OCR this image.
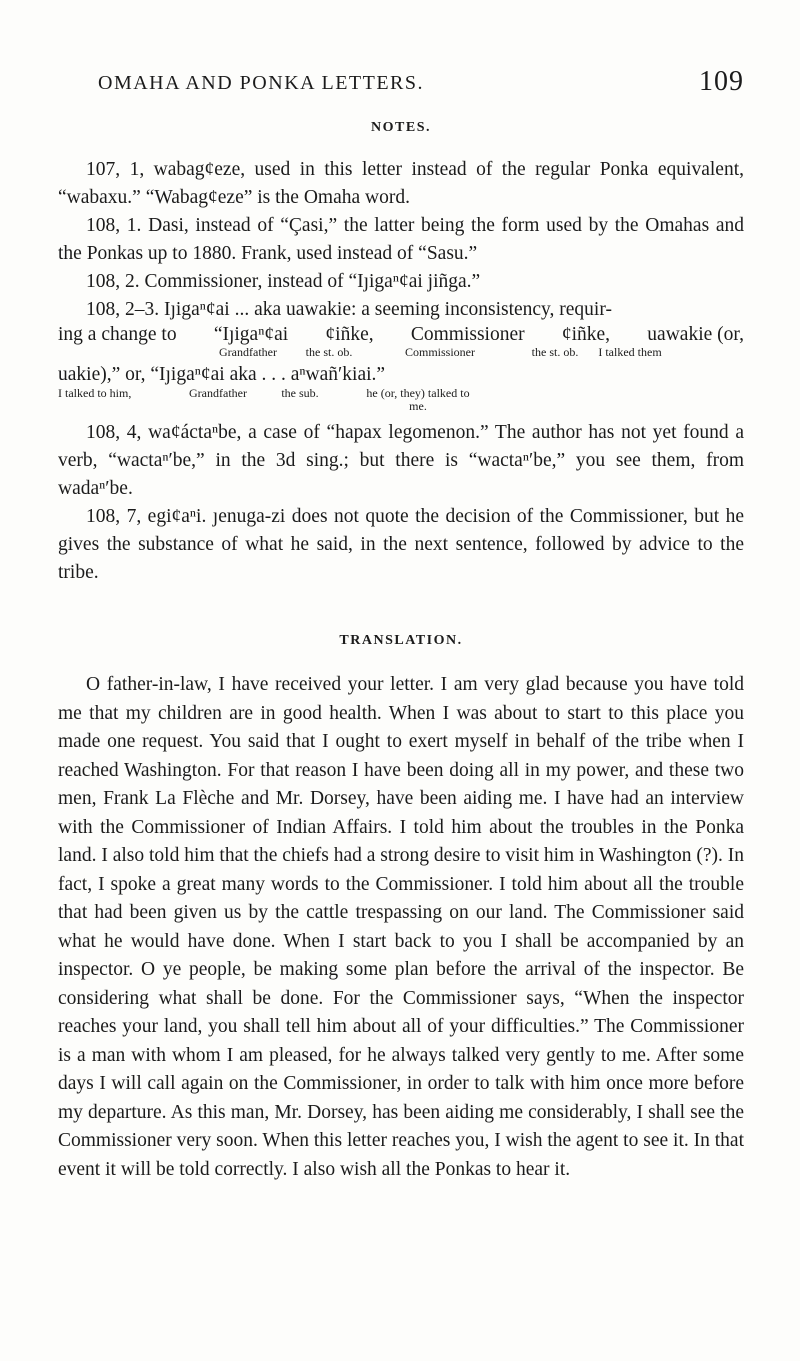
OMAHA AND PONKA LETTERS.	109
NOTES.

107, 1, wabag¢eze, used in this letter instead of the regular Ponka equivalent, “wabaxu.” “Wabag¢eze” is the Omaha word.

108, 1. Dasi, instead of “Çasi,” the latter being the form used by the Omahas and the Ponkas up to 1880. Frank, used instead of “Sasu.”

108, 2. Commissioner, instead of “Iȷigaⁿ¢ai jiñga.”

108, 2–3. Iȷigaⁿ¢ai ... aka uawakie: a seeming inconsistency, requir-

ing a change to “Iȷigaⁿ¢ai ¢iñke, Commissioner ¢iñke, uawakie (or,
Grandfather	the st. ob.	Commissioner	the st. ob.	I talked them
uakie),” or, “Iȷigaⁿ¢ai aka . . . aⁿwañ′kiai.”
I talked to him,	Grandfather	the sub.	he (or, they) talked to me.

108, 4, wa¢áctaⁿbe, a case of “hapax legomenon.” The author has not yet found a verb, “wactaⁿ′be,” in the 3d sing.; but there is “wactaⁿ′be,” you see them, from wadaⁿ′be.

108, 7, egi¢aⁿi. ȷenuga-zi does not quote the decision of the Commissioner, but he gives the substance of what he said, in the next sentence, followed by advice to the tribe.

TRANSLATION.

O father-in-law, I have received your letter. I am very glad because you have told me that my children are in good health. When I was about to start to this place you made one request. You said that I ought to exert myself in behalf of the tribe when I reached Washington. For that reason I have been doing all in my power, and these two men, Frank La Flèche and Mr. Dorsey, have been aiding me. I have had an interview with the Commissioner of Indian Affairs. I told him about the troubles in the Ponka land. I also told him that the chiefs had a strong desire to visit him in Washington (?). In fact, I spoke a great many words to the Commissioner. I told him about all the trouble that had been given us by the cattle trespassing on our land. The Commissioner said what he would have done. When I start back to you I shall be accompanied by an inspector. O ye people, be making some plan before the arrival of the inspector. Be considering what shall be done. For the Commissioner says, “When the inspector reaches your land, you shall tell him about all of your difficulties.” The Commissioner is a man with whom I am pleased, for he always talked very gently to me. After some days I will call again on the Commissioner, in order to talk with him once more before my departure. As this man, Mr. Dorsey, has been aiding me considerably, I shall see the Commissioner very soon. When this letter reaches you, I wish the agent to see it. In that event it will be told correctly. I also wish all the Ponkas to hear it.
